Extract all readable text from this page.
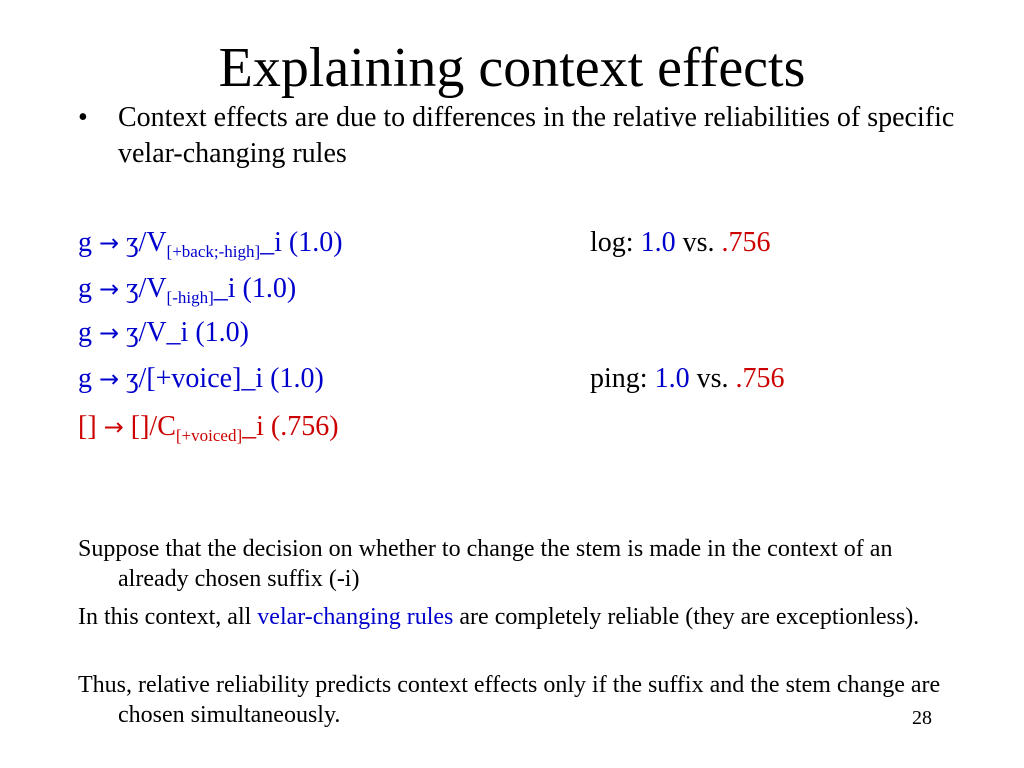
Explaining context effects
•	Context effects are due to differences in the relative reliabilities of specific velar-changing rules
$g \to ʒ/V_{[+back;-high]}\_i$ (1.0)
$g \to ʒ/V_{[-high]}\_i$ (1.0)
g → ʒ/V_i (1.0)
g → ʒ/[+voice]_i (1.0)
[] → $[]/C_{[+voiced]}\_i$ (.756)
log: 1.0 vs. .756
ping: 1.0 vs. .756
Suppose that the decision on whether to change the stem is made in the context of an already chosen suffix (-i)
In this context, all velar-changing rules are completely reliable (they are exceptionless).
Thus, relative reliability predicts context effects only if the suffix and the stem change are chosen simultaneously.	28
